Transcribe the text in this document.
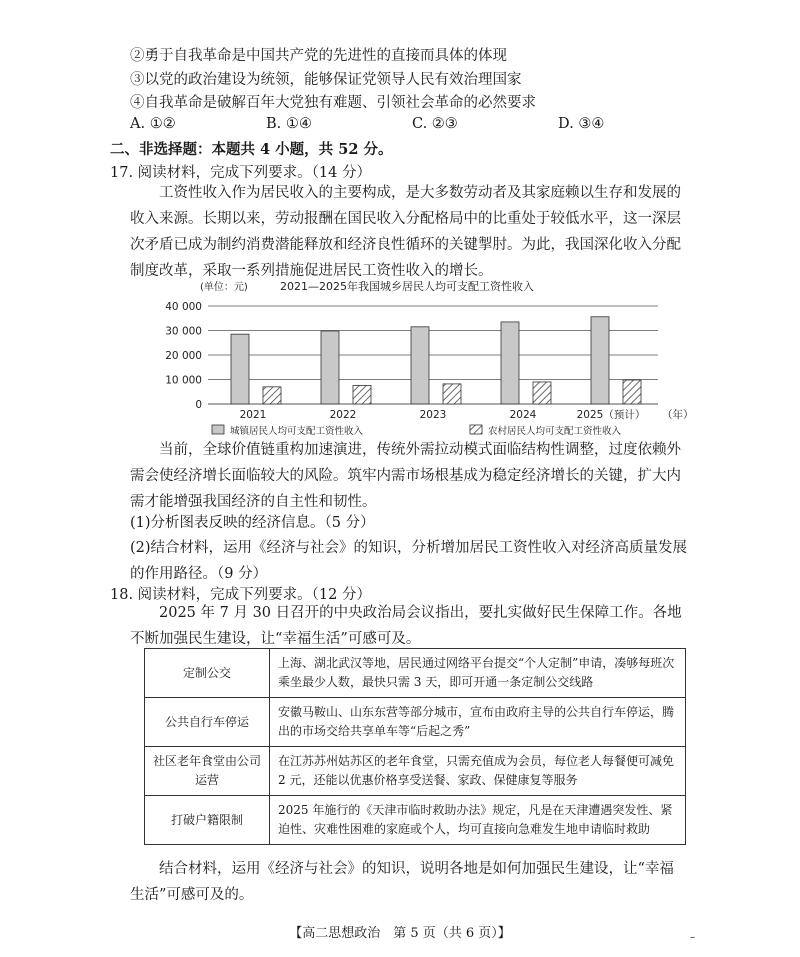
②勇于自我革命是中国共产党的先进性的直接而具体的体现
③以党的政治建设为统领，能够保证党领导人民有效治理国家
④自我革命是破解百年大党独有难题、引领社会革命的必然要求
A. ①②	B. ①④	C. ②③	D. ③④
二、非选择题：本题共 4 小题，共 52 分。
17. 阅读材料，完成下列要求。（14 分）
工资性收入作为居民收入的主要构成，是大多数劳动者及其家庭赖以生存和发展的收入来源。长期以来，劳动报酬在国民收入分配格局中的比重处于较低水平，这一深层次矛盾已成为制约消费潜能释放和经济良性循环的关键掣肘。为此，我国深化收入分配制度改革，采取一系列措施促进居民工资性收入的增长。
(单位：元)	2021—2025年我国城乡居民人均可支配工资性收入
40 000
30 000
20 000
10 000
0
2021	2022	2023	2024	2025（预计） （年）
城镇居民人均可支配工资性收入	农村居民人均可支配工资性收入
当前，全球价值链重构加速演进，传统外需拉动模式面临结构性调整，过度依赖外需会使经济增长面临较大的风险。筑牢内需市场根基成为稳定经济增长的关键，扩大内需才能增强我国经济的自主性和韧性。
(1)分析图表反映的经济信息。（5 分）
(2)结合材料，运用《经济与社会》的知识，分析增加居民工资性收入对经济高质量发展的作用路径。（9 分）
18. 阅读材料，完成下列要求。（12 分）
2025 年 7 月 30 日召开的中央政治局会议指出，要扎实做好民生保障工作。各地不断加强民生建设，让“幸福生活”可感可及。
定制公交	上海、湖北武汉等地，居民通过网络平台提交“个人定制”申请，凑够每班次乘坐最少人数，最快只需 3 天，即可开通一条定制公交线路
公共自行车停运	安徽马鞍山、山东东营等部分城市，宣布由政府主导的公共自行车停运，腾出的市场交给共享单车等“后起之秀”
社区老年食堂由公司运营	在江苏苏州姑苏区的老年食堂，只需充值成为会员，每位老人每餐便可减免 2 元，还能以优惠价格享受送餐、家政、保健康复等服务
打破户籍限制	2025 年施行的《天津市临时救助办法》规定，凡是在天津遭遇突发性、紧迫性、灾难性困难的家庭或个人，均可直接向急难发生地申请临时救助
结合材料，运用《经济与社会》的知识，说明各地是如何加强民生建设，让“幸福生活”可感可及的。
【高二思想政治　第 5 页（共 6 页）】	–
